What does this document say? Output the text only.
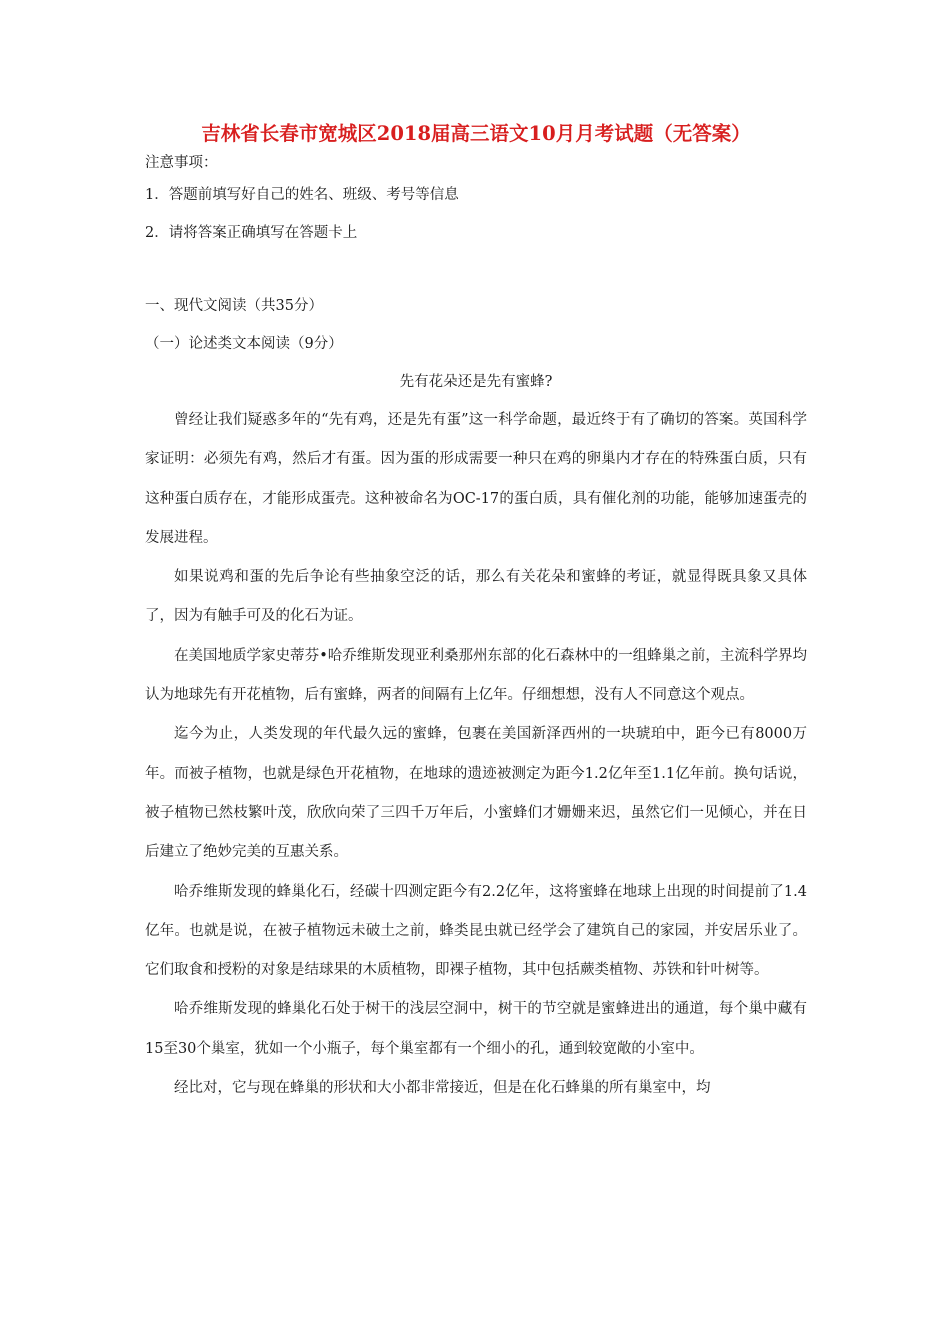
吉林省长春市宽城区2018届高三语文10月月考试题（无答案）

注意事项：

1．答题前填写好自己的姓名、班级、考号等信息

2．请将答案正确填写在答题卡上

一、现代文阅读（共35分）

（一）论述类文本阅读（9分）

先有花朵还是先有蜜蜂?

曾经让我们疑惑多年的“先有鸡，还是先有蛋”这一科学命题，最近终于有了确切的答案。英国科学家证明：必须先有鸡，然后才有蛋。因为蛋的形成需要一种只在鸡的卵巢内才存在的特殊蛋白质，只有这种蛋白质存在，才能形成蛋壳。这种被命名为OC-17的蛋白质，具有催化剂的功能，能够加速蛋壳的发展进程。

如果说鸡和蛋的先后争论有些抽象空泛的话，那么有关花朵和蜜蜂的考证，就显得既具象又具体了，因为有触手可及的化石为证。

在美国地质学家史蒂芬•哈乔维斯发现亚利桑那州东部的化石森林中的一组蜂巢之前，主流科学界均认为地球先有开花植物，后有蜜蜂，两者的间隔有上亿年。仔细想想，没有人不同意这个观点。

迄今为止，人类发现的年代最久远的蜜蜂，包裹在美国新泽西州的一块琥珀中，距今已有8000万年。而被子植物，也就是绿色开花植物，在地球的遗迹被测定为距今1.2亿年至1.1亿年前。换句话说，被子植物已然枝繁叶茂，欣欣向荣了三四千万年后，小蜜蜂们才姗姗来迟，虽然它们一见倾心，并在日后建立了绝妙完美的互惠关系。

哈乔维斯发现的蜂巢化石，经碳十四测定距今有2.2亿年，这将蜜蜂在地球上出现的时间提前了1.4亿年。也就是说，在被子植物远未破土之前，蜂类昆虫就已经学会了建筑自己的家园，并安居乐业了。它们取食和授粉的对象是结球果的木质植物，即裸子植物，其中包括蕨类植物、苏铁和针叶树等。

哈乔维斯发现的蜂巢化石处于树干的浅层空洞中，树干的节空就是蜜蜂进出的通道，每个巢中藏有15至30个巢室，犹如一个小瓶子，每个巢室都有一个细小的孔，通到较宽敞的小室中。

经比对，它与现在蜂巢的形状和大小都非常接近，但是在化石蜂巢的所有巢室中，均
